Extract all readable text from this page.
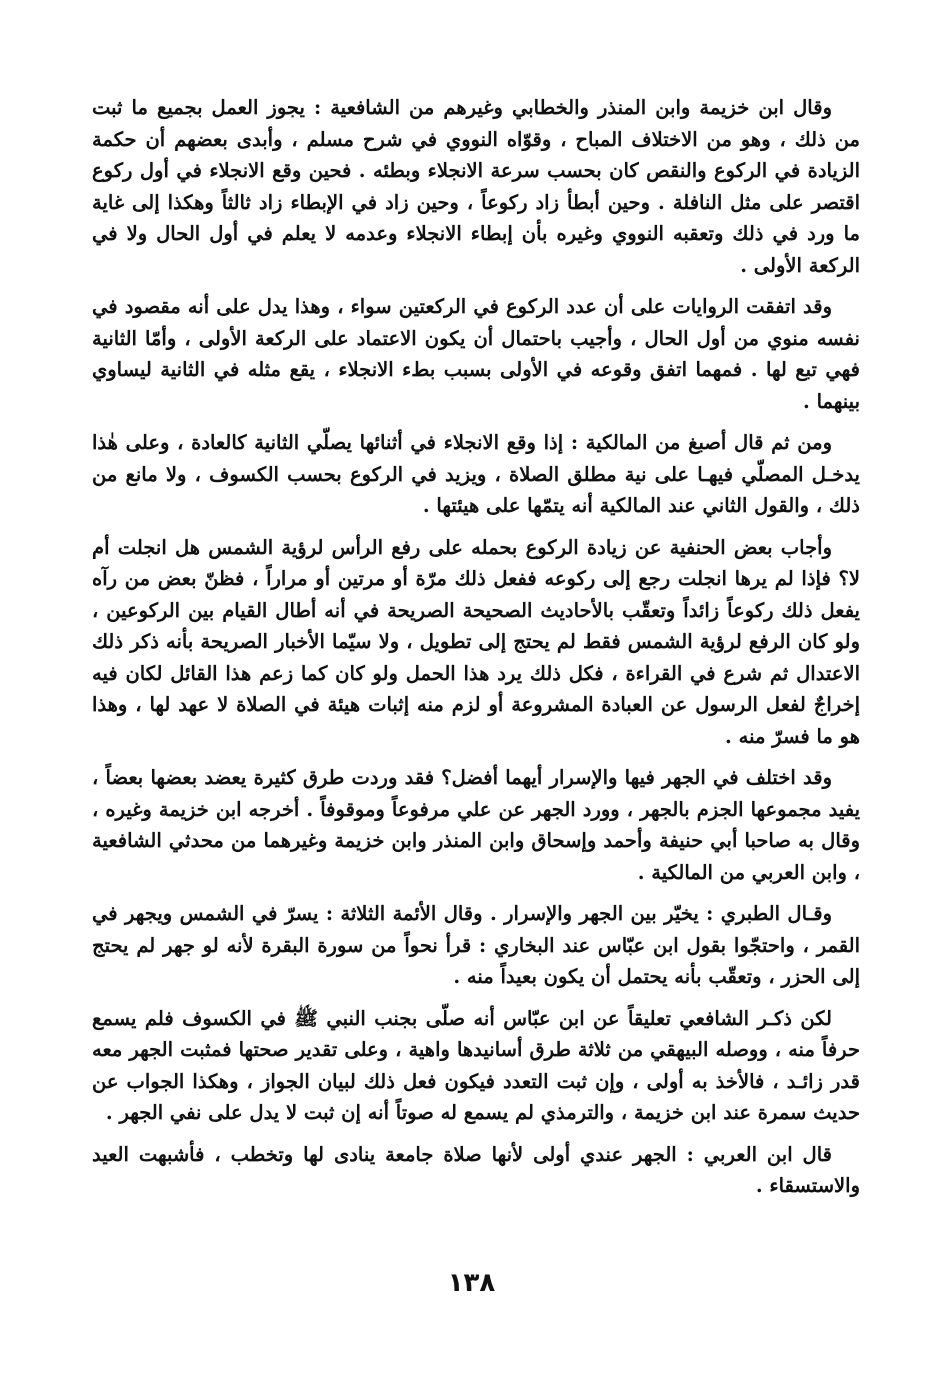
وقال ابن خزيمة وابن المنذر والخطابي وغيرهم من الشافعية : يجوز العمل بجميع ما ثبت من ذلك ، وهو من الاختلاف المباح ، وقوّاه النووي في شرح مسلم ، وأبدى بعضهم أن حكمة الزيادة في الركوع والنقص كان بحسب سرعة الانجلاء وبطئه . فحين وقع الانجلاء في أول ركوع اقتصر على مثل النافلة . وحين أبطأ زاد ركوعاً ، وحين زاد في الإبطاء زاد ثالثاً وهكذا إلى غاية ما ورد في ذلك وتعقبه النووي وغيره بأن إبطاء الانجلاء وعدمه لا يعلم في أول الحال ولا في الركعة الأولى .

وقد اتفقت الروايات على أن عدد الركوع في الركعتين سواء ، وهذا يدل على أنه مقصود في نفسه منوي من أول الحال ، وأجيب باحتمال أن يكون الاعتماد على الركعة الأولى ، وأمّا الثانية فهي تبع لها . فمهما اتفق وقوعه في الأولى بسبب بطء الانجلاء ، يقع مثله في الثانية ليساوي بينهما .

ومن ثم قال أصبغ من المالكية : إذا وقع الانجلاء في أثنائها يصلّي الثانية كالعادة ، وعلى هٰذا يدخـل المصلّي فيهـا على نية مطلق الصلاة ، ويزيد في الركوع بحسب الكسوف ، ولا مانع من ذلك ، والقول الثاني عند المالكية أنه يتمّها على هيئتها .

وأجاب بعض الحنفية عن زيادة الركوع بحمله على رفع الرأس لرؤية الشمس هل انجلت أم لا؟ فإذا لم يرها انجلت رجع إلى ركوعه ففعل ذلك مرّة أو مرتين أو مراراً ، فظنّ بعض من رآه يفعل ذلك ركوعاً زائداً وتعقّب بالأحاديث الصحيحة الصريحة في أنه أطال القيام بين الركوعين ، ولو كان الرفع لرؤية الشمس فقط لم يحتج إلى تطويل ، ولا سيّما الأخبار الصريحة بأنه ذكر ذلك الاعتدال ثم شرع في القراءة ، فكل ذلك يرد هذا الحمل ولو كان كما زعم هذا القائل لكان فيه إخراجٌ لفعل الرسول عن العبادة المشروعة أو لزم منه إثبات هيئة في الصلاة لا عهد لها ، وهذا هو ما فسرّ منه .

وقد اختلف في الجهر فيها والإسرار أيهما أفضل؟ فقد وردت طرق كثيرة يعضد بعضها بعضاً ، يفيد مجموعها الجزم بالجهر ، وورد الجهر عن علي مرفوعاً وموقوفاً . أخرجه ابن خزيمة وغيره ، وقال به صاحبا أبي حنيفة وأحمد وإسحاق وابن المنذر وابن خزيمة وغيرهما من محدثي الشافعية ، وابن العربي من المالكية .

وقـال الطبري : يخيّر بين الجهر والإسرار . وقال الأئمة الثلاثة : يسرّ في الشمس ويجهر في القمر ، واحتجّوا بقول ابن عبّاس عند البخاري : قرأ نحواً من سورة البقرة لأنه لو جهر لم يحتج إلى الحزر ، وتعقّب بأنه يحتمل أن يكون بعيداً منه .

لكن ذكـر الشافعي تعليقاً عن ابن عبّاس أنه صلّى بجنب النبي ﷺ في الكسوف فلم يسمع حرفاً منه ، ووصله البيهقي من ثلاثة طرق أسانيدها واهية ، وعلى تقدير صحتها فمثبت الجهر معه قدر زائـد ، فالأخذ به أولى ، وإن ثبت التعدد فيكون فعل ذلك لبيان الجواز ، وهكذا الجواب عن حديث سمرة عند ابن خزيمة ، والترمذي لم يسمع له صوتاً أنه إن ثبت لا يدل على نفي الجهر .

قال ابن العربي : الجهر عندي أولى لأنها صلاة جامعة ينادى لها وتخطب ، فأشبهت العيد والاستسقاء .

١٣٨
